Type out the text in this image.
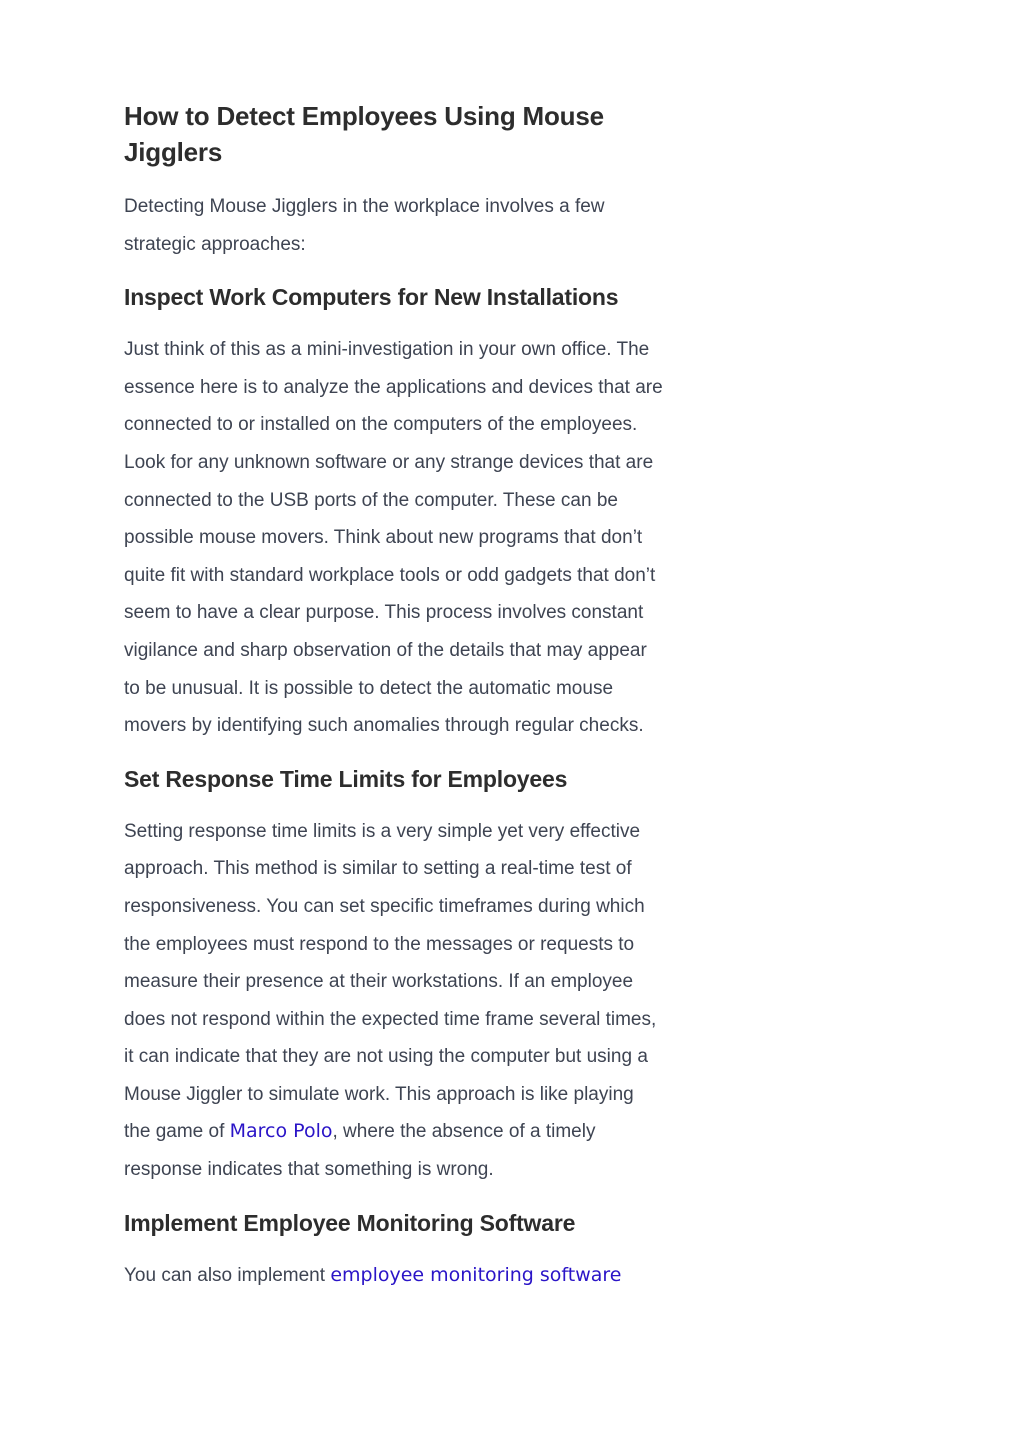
How to Detect Employees Using Mouse Jigglers

Detecting Mouse Jigglers in the workplace involves a few strategic approaches:

Inspect Work Computers for New Installations

Just think of this as a mini-investigation in your own office. The essence here is to analyze the applications and devices that are connected to or installed on the computers of the employees. Look for any unknown software or any strange devices that are connected to the USB ports of the computer. These can be possible mouse movers. Think about new programs that don’t quite fit with standard workplace tools or odd gadgets that don’t seem to have a clear purpose. This process involves constant vigilance and sharp observation of the details that may appear to be unusual. It is possible to detect the automatic mouse movers by identifying such anomalies through regular checks.

Set Response Time Limits for Employees

Setting response time limits is a very simple yet very effective approach. This method is similar to setting a real-time test of responsiveness. You can set specific timeframes during which the employees must respond to the messages or requests to measure their presence at their workstations. If an employee does not respond within the expected time frame several times, it can indicate that they are not using the computer but using a Mouse Jiggler to simulate work. This approach is like playing the game of Marco Polo, where the absence of a timely response indicates that something is wrong.

Implement Employee Monitoring Software

You can also implement employee monitoring software
